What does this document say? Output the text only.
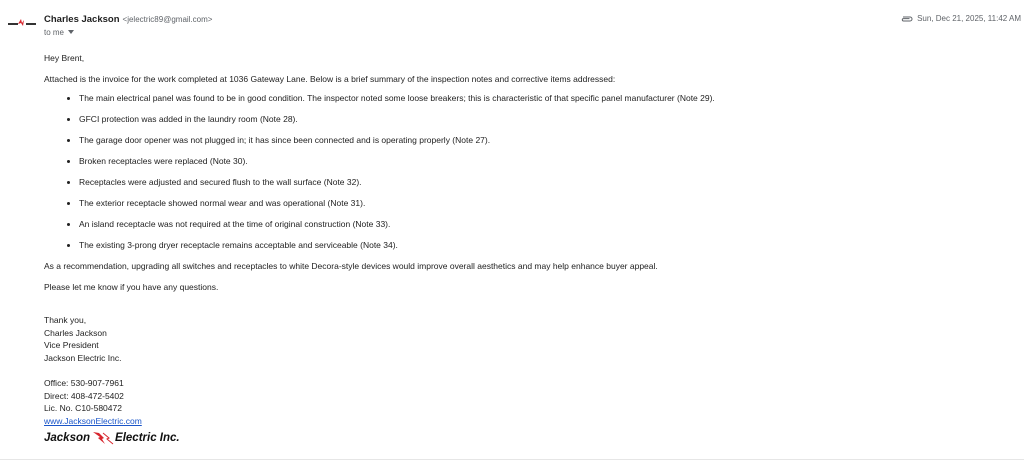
Charles Jackson <jelectric89@gmail.com>
to me
Sun, Dec 21, 2025, 11:42 AM

Hey Brent,

Attached is the invoice for the work completed at 1036 Gateway Lane. Below is a brief summary of the inspection notes and corrective items addressed:

• The main electrical panel was found to be in good condition. The inspector noted some loose breakers; this is characteristic of that specific panel manufacturer (Note 29).
• GFCI protection was added in the laundry room (Note 28).
• The garage door opener was not plugged in; it has since been connected and is operating properly (Note 27).
• Broken receptacles were replaced (Note 30).
• Receptacles were adjusted and secured flush to the wall surface (Note 32).
• The exterior receptacle showed normal wear and was operational (Note 31).
• An island receptacle was not required at the time of original construction (Note 33).
• The existing 3-prong dryer receptacle remains acceptable and serviceable (Note 34).

As a recommendation, upgrading all switches and receptacles to white Decora-style devices would improve overall aesthetics and may help enhance buyer appeal.

Please let me know if you have any questions.

Thank you,

Charles Jackson

Vice President

Jackson Electric Inc.

Office: 530-907-7961

Direct: 408-472-5402

Lic. No. C10-580472

www.JacksonElectric.com

Jackson Electric Inc.
